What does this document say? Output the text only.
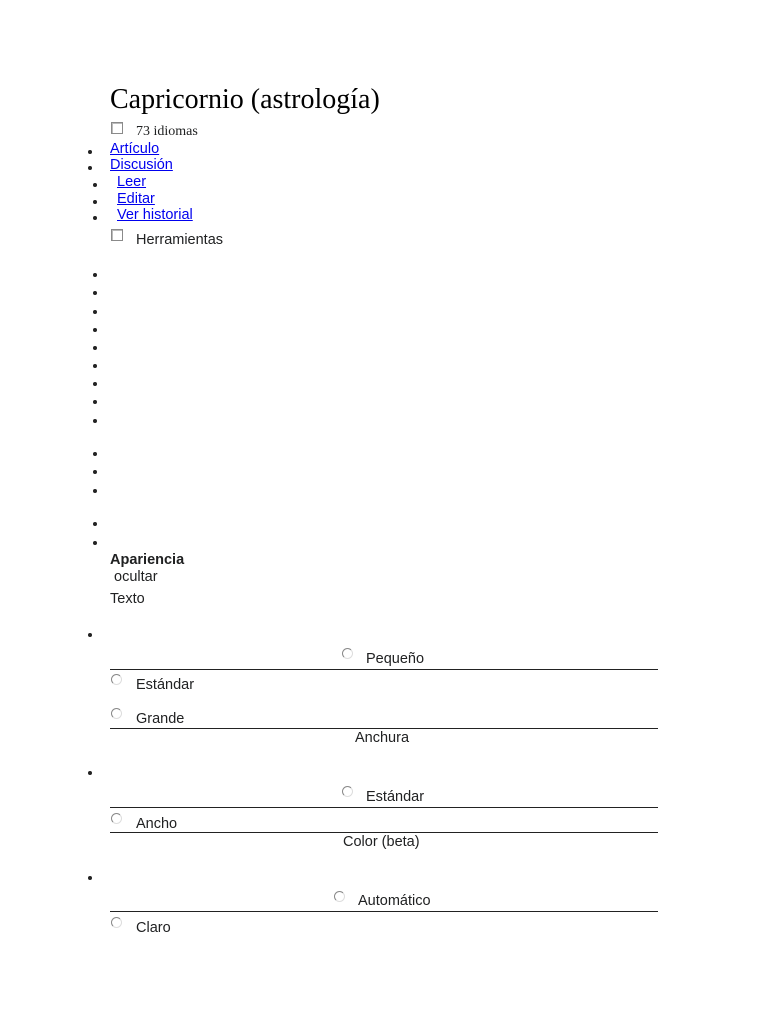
Capricornio (astrología)
73 idiomas
Artículo
Discusión
Leer
Editar
Ver historial
Herramientas
Apariencia
ocultar
Texto
Pequeño
Estándar
Grande
Anchura
Estándar
Ancho
Color (beta)
Automático
Claro
